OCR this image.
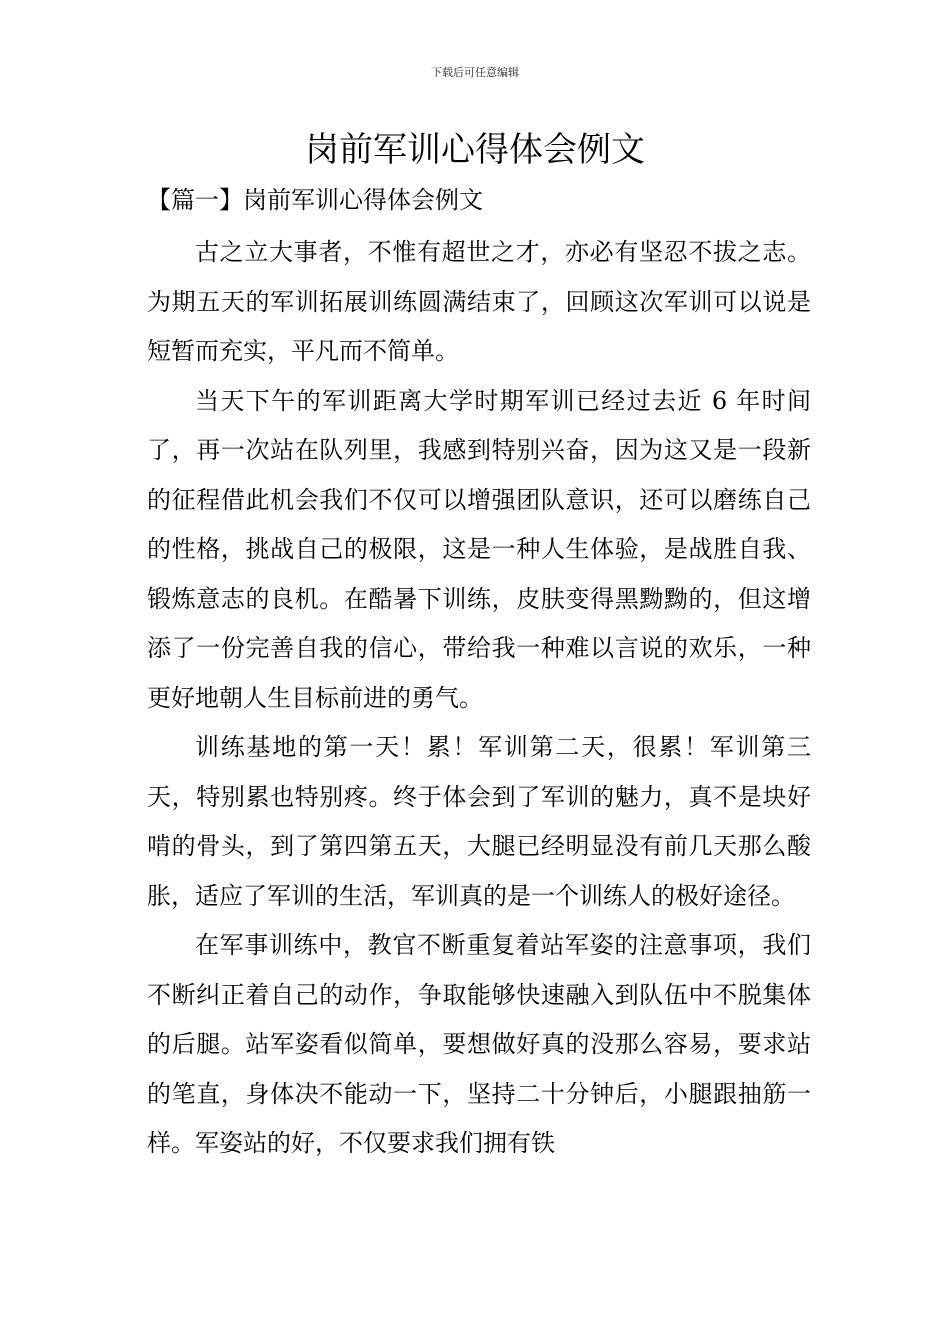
下载后可任意编辑
岗前军训心得体会例文
【篇一】岗前军训心得体会例文

古之立大事者，不惟有超世之才，亦必有坚忍不拔之志。为期五天的军训拓展训练圆满结束了，回顾这次军训可以说是短暂而充实，平凡而不简单。

当天下午的军训距离大学时期军训已经过去近 6 年时间了，再一次站在队列里，我感到特别兴奋，因为这又是一段新的征程借此机会我们不仅可以增强团队意识，还可以磨练自己的性格，挑战自己的极限，这是一种人生体验，是战胜自我、锻炼意志的良机。在酷暑下训练，皮肤变得黑黝黝的，但这增添了一份完善自我的信心，带给我一种难以言说的欢乐，一种更好地朝人生目标前进的勇气。

训练基地的第一天！累！军训第二天，很累！军训第三天，特别累也特别疼。终于体会到了军训的魅力，真不是块好啃的骨头，到了第四第五天，大腿已经明显没有前几天那么酸胀，适应了军训的生活，军训真的是一个训练人的极好途径。

在军事训练中，教官不断重复着站军姿的注意事项，我们不断纠正着自己的动作，争取能够快速融入到队伍中不脱集体的后腿。站军姿看似简单，要想做好真的没那么容易，要求站的笔直，身体决不能动一下，坚持二十分钟后，小腿跟抽筋一样。军姿站的好，不仅要求我们拥有铁
